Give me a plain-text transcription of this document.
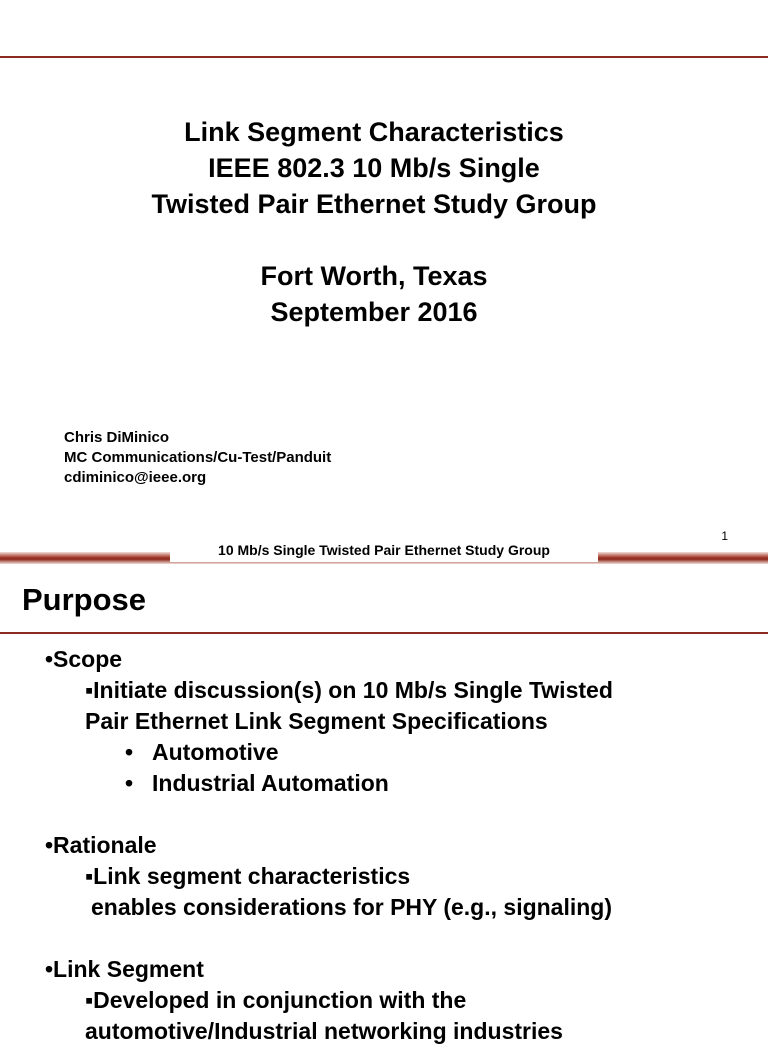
Link Segment Characteristics
IEEE 802.3 10 Mb/s Single
Twisted Pair Ethernet Study Group
Fort Worth, Texas
September 2016
Chris DiMinico
MC Communications/Cu-Test/Panduit
cdiminico@ieee.org
1
10 Mb/s Single Twisted Pair Ethernet Study Group
Purpose
•Scope
▪Initiate discussion(s) on 10 Mb/s Single Twisted
Pair Ethernet Link Segment Specifications
• Automotive
• Industrial Automation
•Rationale
▪Link segment characteristics
enables considerations for PHY (e.g., signaling)
•Link Segment
▪Developed in conjunction with the
automotive/Industrial networking industries
